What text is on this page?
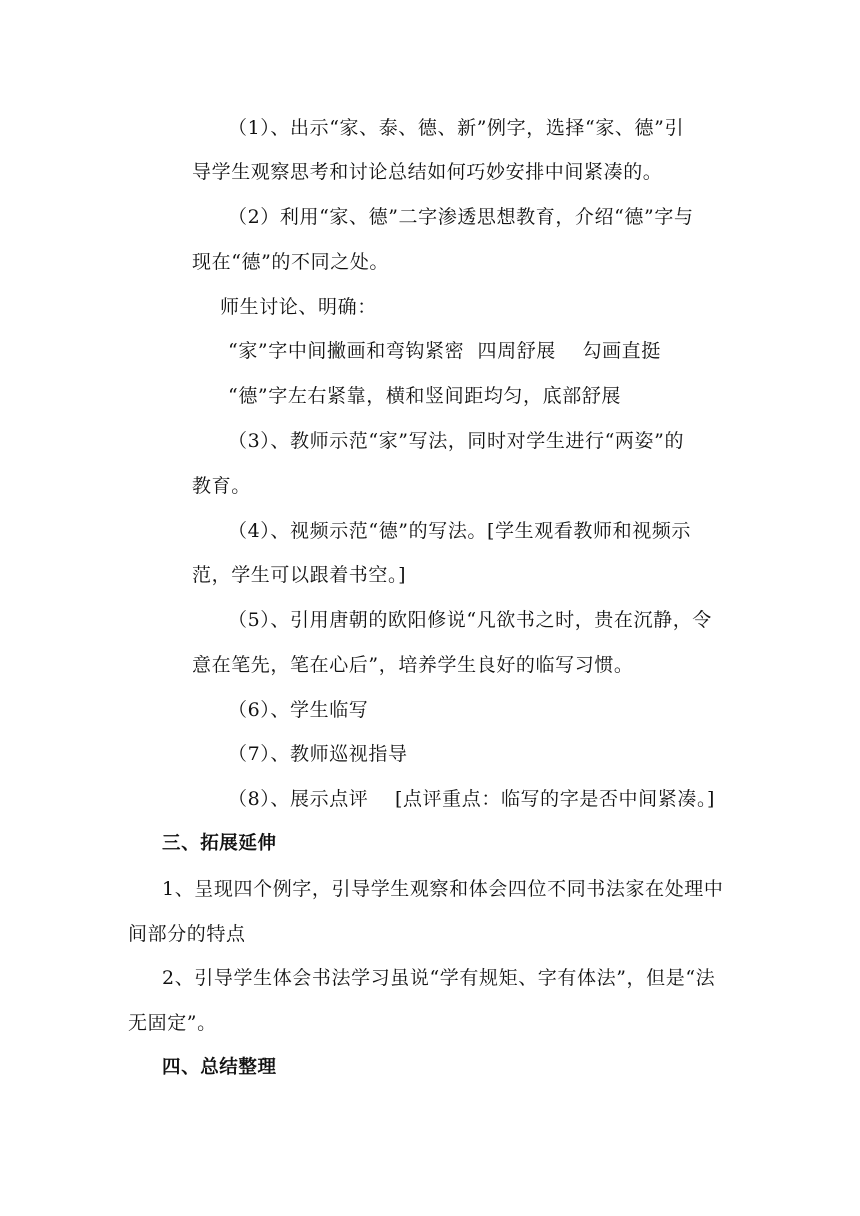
（1）、出示“家、泰、德、新”例字，选择“家、德”引
导学生观察思考和讨论总结如何巧妙安排中间紧凑的。
（2）利用“家、德”二字渗透思想教育，介绍“德”字与
现在“德”的不同之处。
师生讨论、明确：
“家”字中间撇画和弯钩紧密  四周舒展    勾画直挺
“德”字左右紧靠，横和竖间距均匀，底部舒展
（3）、教师示范“家”写法，同时对学生进行“两姿”的
教育。
（4）、视频示范“德”的写法。[学生观看教师和视频示
范，学生可以跟着书空。]
（5）、引用唐朝的欧阳修说“凡欲书之时，贵在沉静，令
意在笔先，笔在心后”，培养学生良好的临写习惯。
（6）、学生临写
（7）、教师巡视指导
（8）、展示点评    [点评重点：临写的字是否中间紧凑。]
三、拓展延伸
1、呈现四个例字，引导学生观察和体会四位不同书法家在处理中
间部分的特点
2、引导学生体会书法学习虽说“学有规矩、字有体法”，但是“法
无固定”。
四、总结整理
